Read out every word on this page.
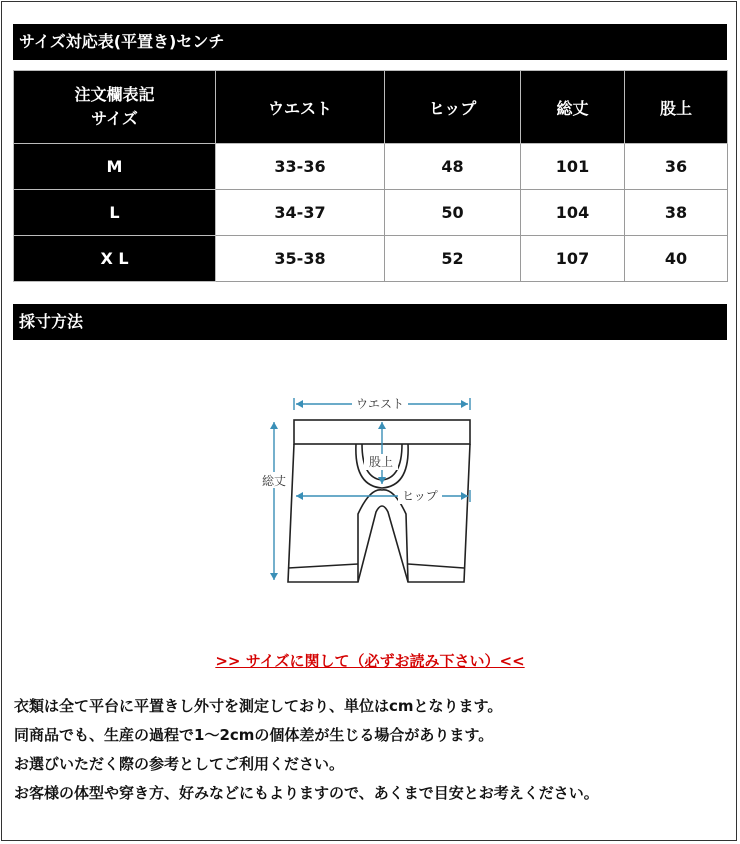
サイズ対応表(平置き)センチ
注文欄表記
サイズ	ウエスト	ヒップ	総丈	股上
M	33-36	48	101	36
L	34-37	50	104	38
X L	35-38	52	107	40
採寸方法
ウエスト
股上
総丈
ヒップ
>> サイズに関して（必ずお読み下さい）<<

衣類は全て平台に平置きし外寸を測定しており、単位はcmとなります。

同商品でも、生産の過程で1～2cmの個体差が生じる場合があります。

お選びいただく際の参考としてご利用ください。

お客様の体型や穿き方、好みなどにもよりますので、あくまで目安とお考えください。
